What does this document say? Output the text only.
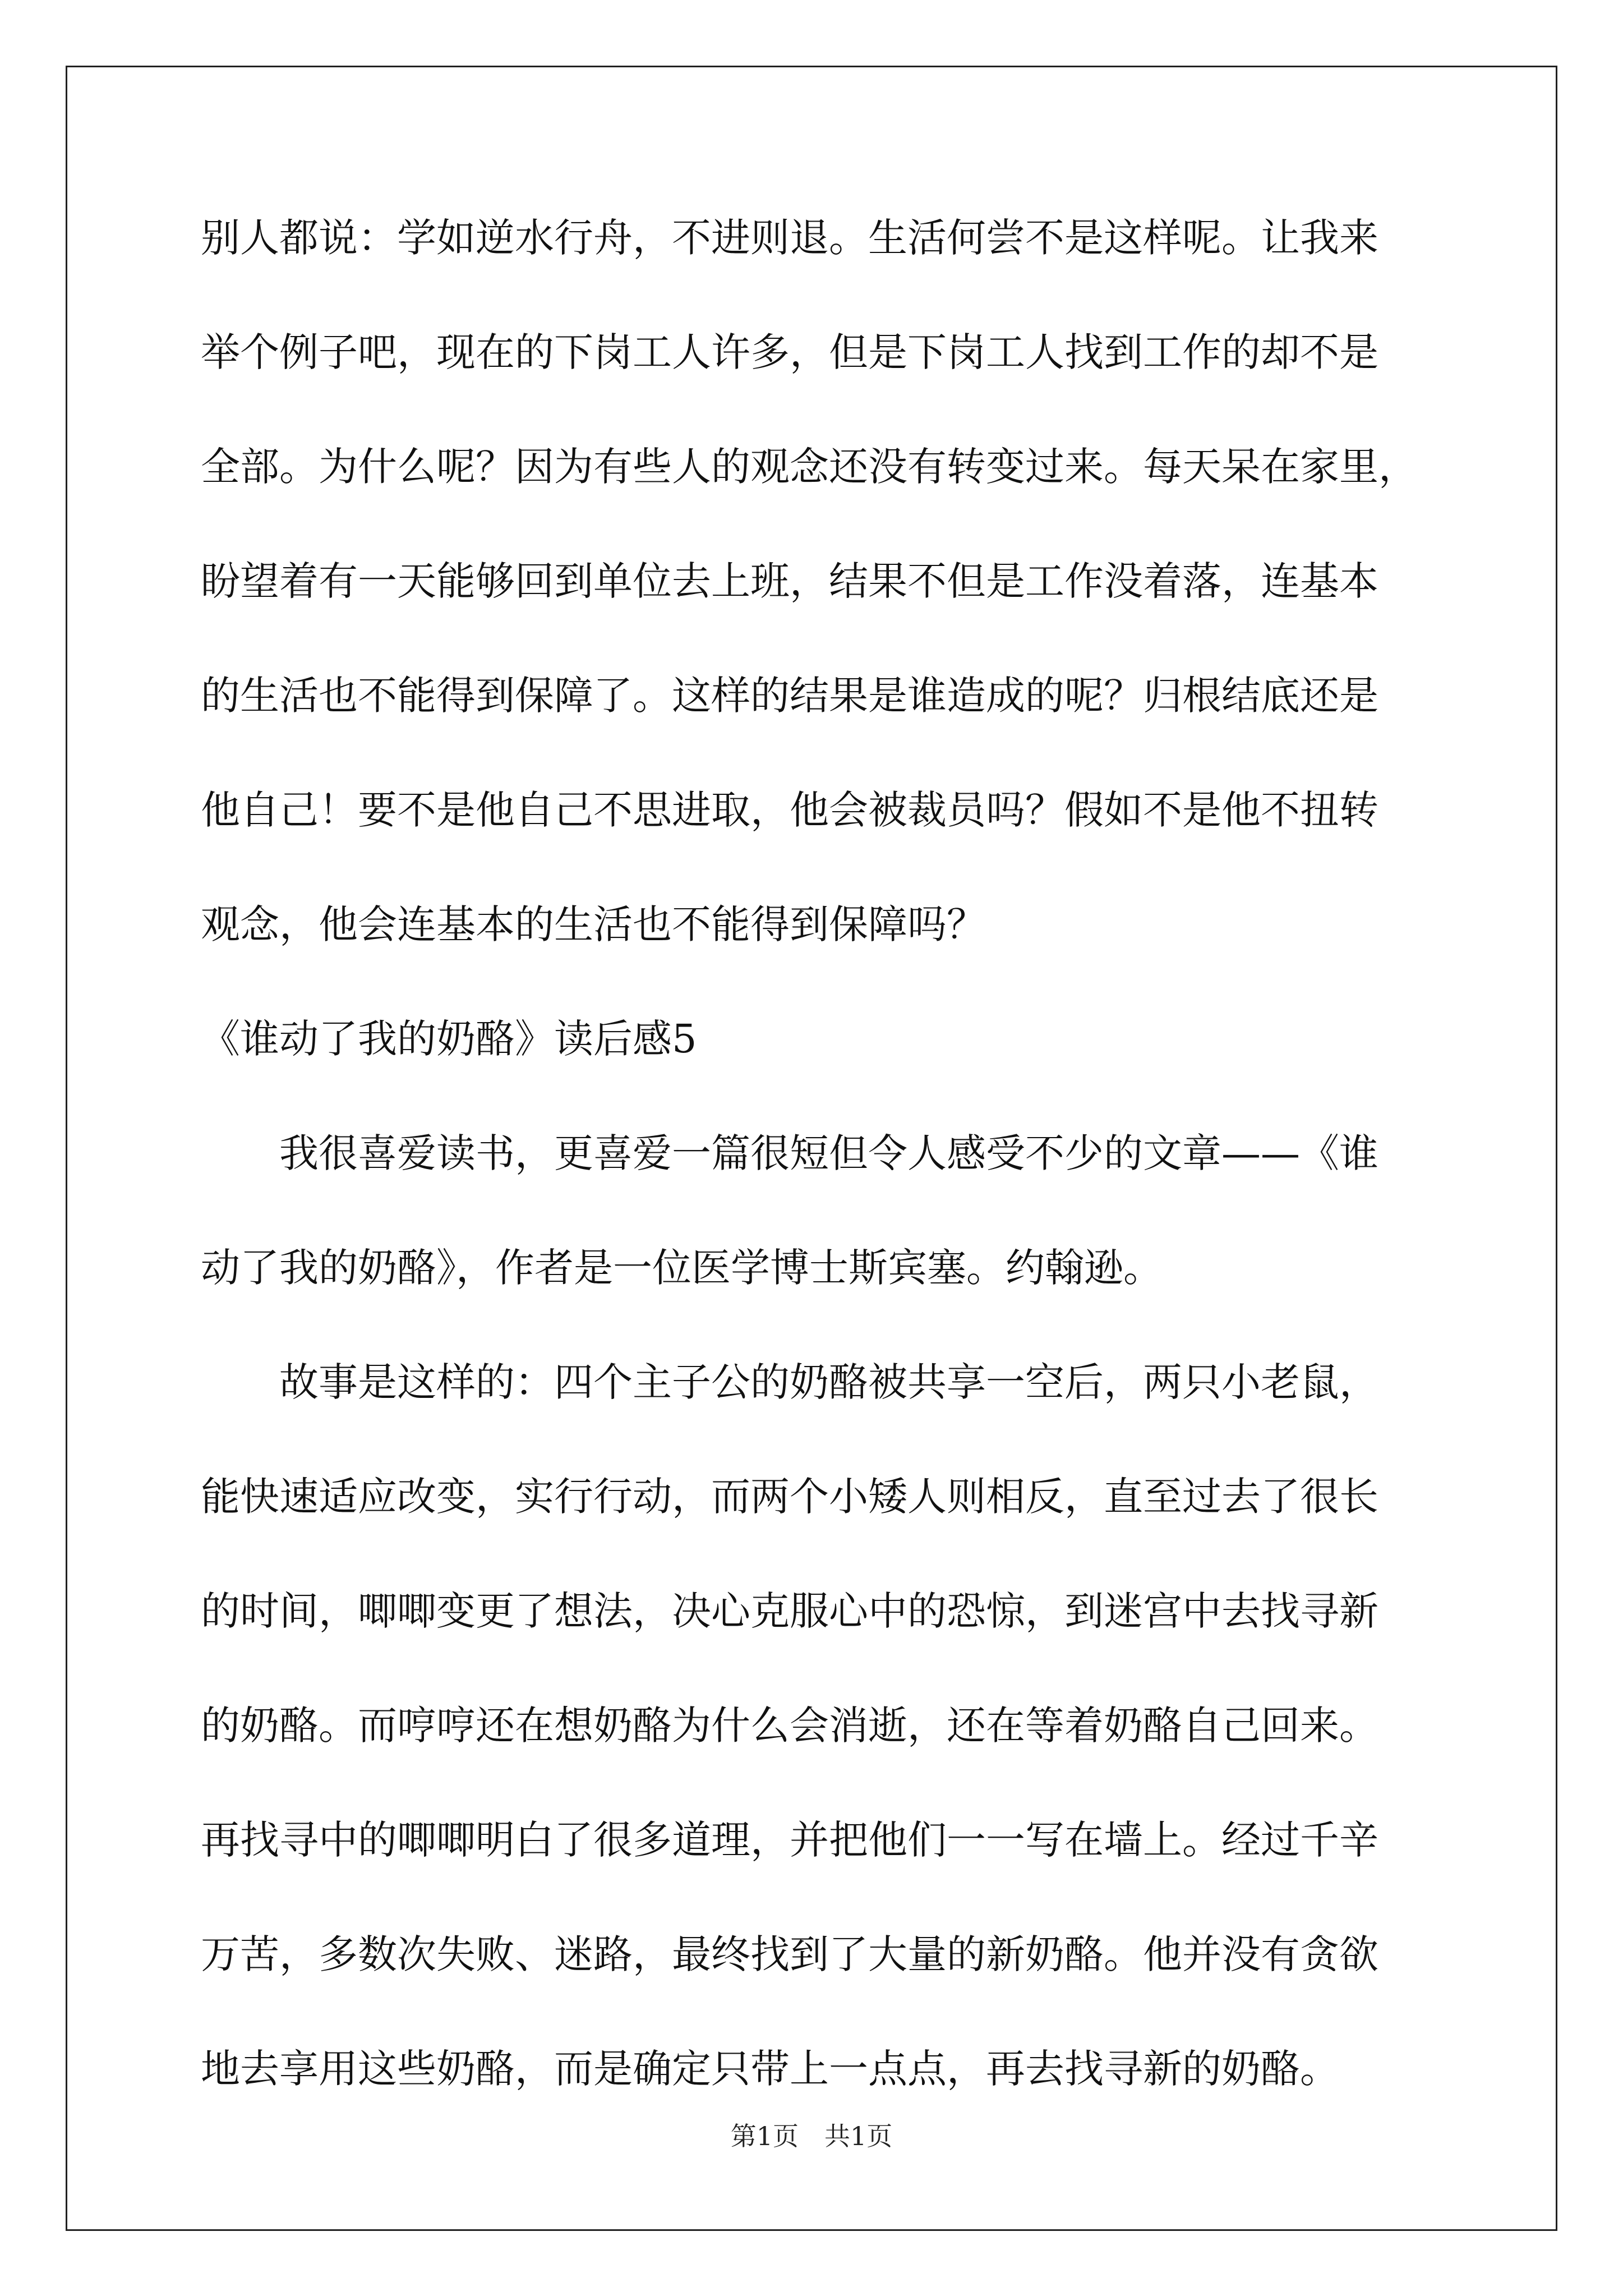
别人都说：学如逆水行舟，不进则退。生活何尝不是这样呢。让我来
举个例子吧，现在的下岗工人许多，但是下岗工人找到工作的却不是
全部。为什么呢？因为有些人的观念还没有转变过来。每天呆在家里，
盼望着有一天能够回到单位去上班，结果不但是工作没着落，连基本
的生活也不能得到保障了。这样的结果是谁造成的呢？归根结底还是
他自己！要不是他自己不思进取，他会被裁员吗？假如不是他不扭转
观念，他会连基本的生活也不能得到保障吗？
《谁动了我的奶酪》读后感5
我很喜爱读书，更喜爱一篇很短但令人感受不少的文章——《谁
动了我的奶酪》，作者是一位医学博士斯宾塞。约翰逊。
故事是这样的：四个主子公的奶酪被共享一空后，两只小老鼠，
能快速适应改变，实行行动，而两个小矮人则相反，直至过去了很长
的时间，唧唧变更了想法，决心克服心中的恐惊，到迷宫中去找寻新
的奶酪。而哼哼还在想奶酪为什么会消逝，还在等着奶酪自己回来。
再找寻中的唧唧明白了很多道理，并把他们一一写在墙上。经过千辛
万苦，多数次失败、迷路，最终找到了大量的新奶酪。他并没有贪欲
地去享用这些奶酪，而是确定只带上一点点，再去找寻新的奶酪。
第1页　共1页
